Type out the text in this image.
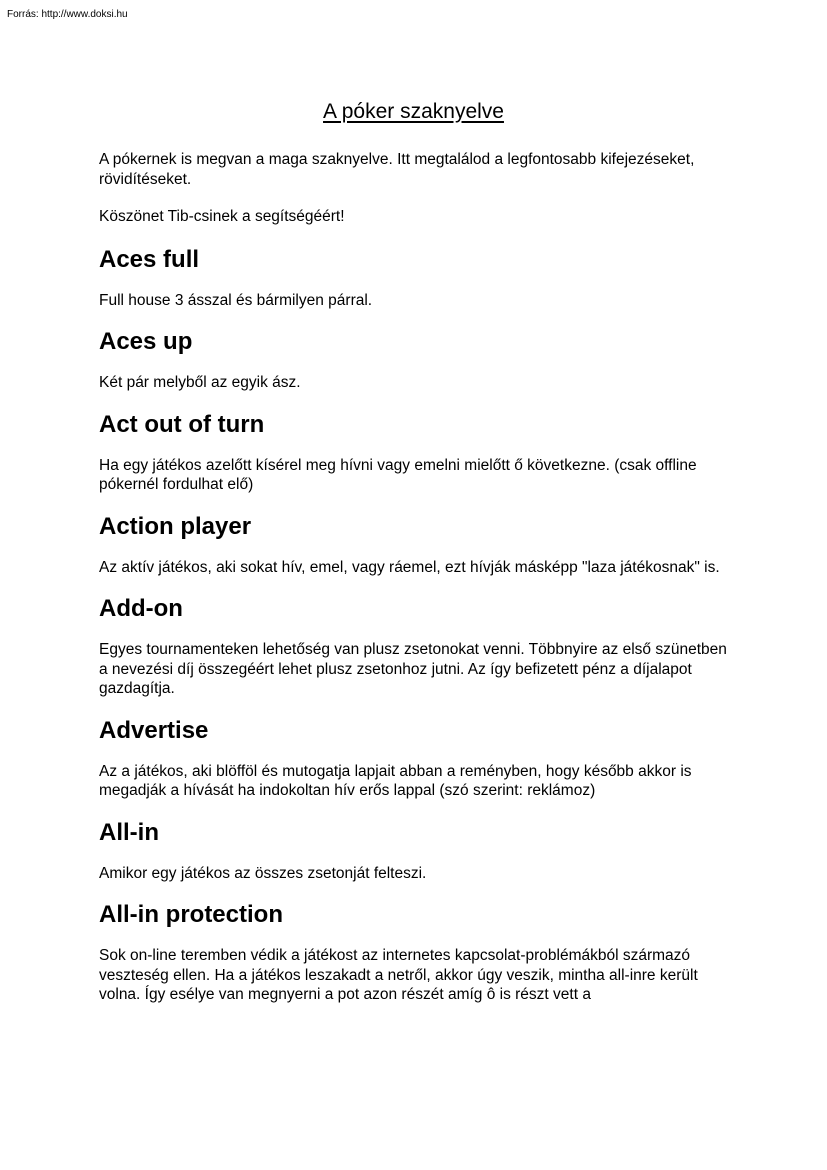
Forrás: http://www.doksi.hu
A póker szaknyelve

A pókernek is megvan a maga szaknyelve. Itt megtalálod a legfontosabb kifejezéseket, rövidítéseket.

Köszönet Tib-csinek a segítségéért!

Aces full

Full house 3 ásszal és bármilyen párral.

Aces up

Két pár melyből az egyik ász.

Act out of turn

Ha egy játékos azelőtt kísérel meg hívni vagy emelni mielőtt ő következne. (csak offline pókernél fordulhat elő)

Action player

Az aktív játékos, aki sokat hív, emel, vagy ráemel, ezt hívják másképp "laza játékosnak" is.

Add-on

Egyes tournamenteken lehetőség van plusz zsetonokat venni. Többnyire az első szünetben a nevezési díj összegéért lehet plusz zsetonhoz jutni. Az így befizetett pénz a díjalapot gazdagítja.

Advertise

Az a játékos, aki blöfföl és mutogatja lapjait abban a reményben, hogy később akkor is megadják a hívását ha indokoltan hív erős lappal (szó szerint: reklámoz)

All-in

Amikor egy játékos az összes zsetonját felteszi.

All-in protection

Sok on-line teremben védik a játékost az internetes kapcsolat-problémákból származó veszteség ellen. Ha a játékos leszakadt a netről, akkor úgy veszik, mintha all-inre került volna. Így esélye van megnyerni a pot azon részét amíg ô is részt vett a
